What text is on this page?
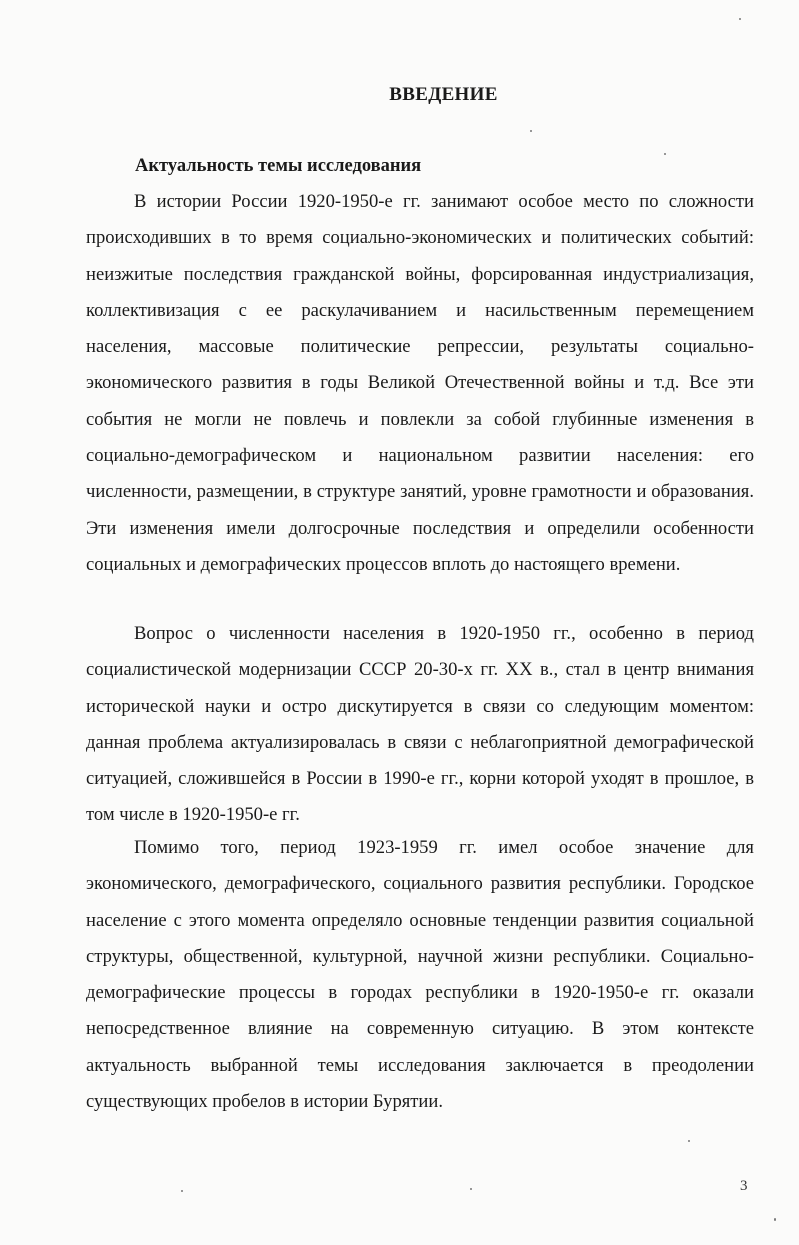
ВВЕДЕНИЕ
Актуальность темы исследования

В истории России 1920-1950-е гг. занимают особое место по сложности происходивших в то время социально-экономических и политических событий: неизжитые последствия гражданской войны, форсированная индустриализация, коллективизация с ее раскулачиванием и насильственным перемещением населения, массовые политические репрессии, результаты социально-экономического развития в годы Великой Отечественной войны и т.д. Все эти события не могли не повлечь и повлекли за собой глубинные изменения в социально-демографическом и национальном развитии населения: его численности, размещении, в структуре занятий, уровне грамотности и образования. Эти изменения имели долгосрочные последствия и определили особенности социальных и демографических процессов вплоть до настоящего времени.

Вопрос о численности населения в 1920-1950 гг., особенно в период социалистической модернизации СССР 20-30-х гг. XX в., стал в центр внимания исторической науки и остро дискутируется в связи со следующим моментом: данная проблема актуализировалась в связи с неблагоприятной демографической ситуацией, сложившейся в России в 1990-е гг., корни которой уходят в прошлое, в том числе в 1920-1950-е гг.

Помимо того, период 1923-1959 гг. имел особое значение для экономического, демографического, социального развития республики. Городское население с этого момента определяло основные тенденции развития социальной структуры, общественной, культурной, научной жизни республики. Социально-демографические процессы в городах республики в 1920-1950-е гг. оказали непосредственное влияние на современную ситуацию. В этом контексте актуальность выбранной темы исследования заключается в преодолении существующих пробелов в истории Бурятии.

3
